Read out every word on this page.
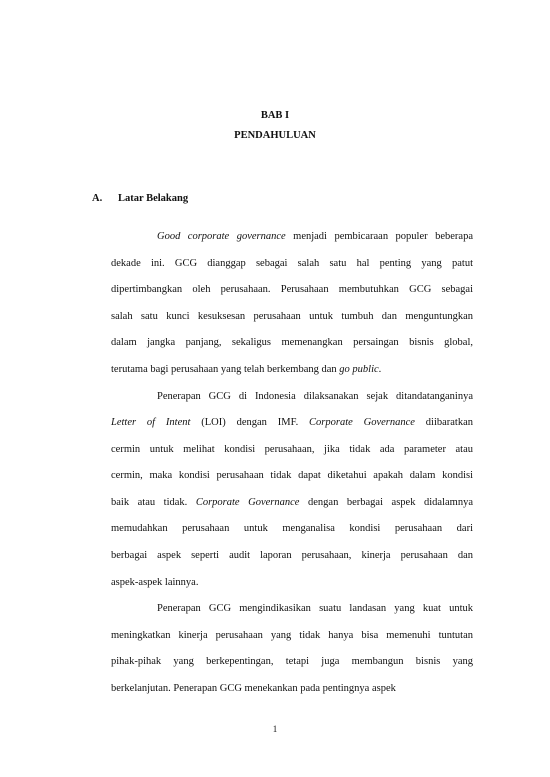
BAB I
PENDAHULUAN
A. Latar Belakang
Good corporate governance menjadi pembicaraan populer beberapa
dekade ini. GCG dianggap sebagai salah satu hal penting yang patut
dipertimbangkan oleh perusahaan. Perusahaan membutuhkan GCG sebagai
salah satu kunci kesuksesan perusahaan untuk tumbuh dan menguntungkan
dalam jangka panjang, sekaligus memenangkan persaingan bisnis global,
terutama bagi perusahaan yang telah berkembang dan go public.
Penerapan GCG di Indonesia dilaksanakan sejak ditandatanganinya
Letter of Intent (LOI) dengan IMF. Corporate Governance diibaratkan
cermin untuk melihat kondisi perusahaan, jika tidak ada parameter atau
cermin, maka kondisi perusahaan tidak dapat diketahui apakah dalam kondisi
baik atau tidak. Corporate Governance dengan berbagai aspek didalamnya
memudahkan perusahaan untuk menganalisa kondisi perusahaan dari
berbagai aspek seperti audit laporan perusahaan, kinerja perusahaan dan
aspek-aspek lainnya.
Penerapan GCG mengindikasikan suatu landasan yang kuat untuk
meningkatkan kinerja perusahaan yang tidak hanya bisa memenuhi tuntutan
pihak-pihak yang berkepentingan, tetapi juga membangun bisnis yang
berkelanjutan. Penerapan GCG menekankan pada pentingnya aspek
1
